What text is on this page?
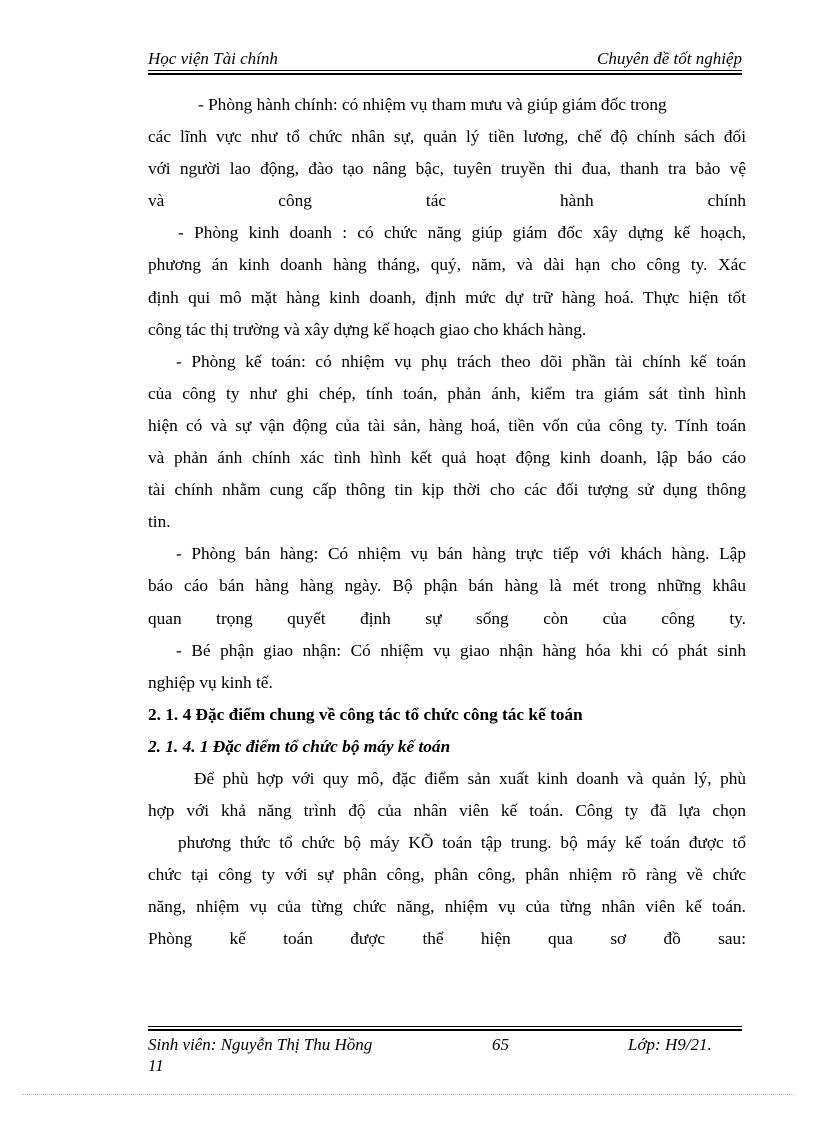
Học viện Tài chính	Chuyên đề tốt nghiệp
- Phòng hành chính: có nhiệm vụ tham mưu và giúp giám đốc trong
các lĩnh vực như tổ chức nhân sự, quản lý tiền lương, chế độ chính sách đối
với người lao động, đào tạo nâng bậc, tuyên truyền thi đua, thanh tra bảo vệ
và công tác hành chính
- Phòng kinh doanh : có chức năng giúp giám đốc xây dựng kế hoạch,
phương án kinh doanh hàng tháng, quý, năm, và dài hạn cho công ty. Xác
định qui mô mặt hàng kinh doanh, định mức dự trữ hàng hoá. Thực hiện tốt
công tác thị trường và xây dựng kế hoạch giao cho khách hàng.
- Phòng kế toán: có nhiệm vụ phụ trách theo dõi phần tài chính kế toán
của công ty như ghi chép, tính toán, phản ánh, kiểm tra giám sát tình hình
hiện có và sự vận động của tài sản, hàng hoá, tiền vốn của công ty. Tính toán
và phản ánh chính xác tình hình kết quả hoạt động kinh doanh, lập báo cáo
tài chính nhằm cung cấp thông tin kịp thời cho các đối tượng sử dụng thông
tin.
- Phòng bán hàng: Có nhiệm vụ bán hàng trực tiếp với khách hàng. Lập
báo cáo bán hàng hàng ngày. Bộ phận bán hàng là mét trong những khâu
quan trọng quyết định sự sống còn của công ty.
- Bé phận giao nhận: Có nhiệm vụ giao nhận hàng hóa khi có phát sinh
nghiệp vụ kinh tế.
2. 1. 4 Đặc điểm chung về công tác tổ chức công tác kế toán
2. 1. 4. 1 Đặc điểm tổ chức bộ máy kế toán
Để phù hợp với quy mô, đặc điểm sản xuất kinh doanh và quản lý, phù
hợp với khả năng trình độ của nhân viên kế toán. Công ty đã lựa chọn
phương thức tổ chức bộ máy KÕ toán tập trung. bộ máy kế toán được tổ
chức tại công ty với sự phân công, phân công, phân nhiệm rõ ràng về chức
năng, nhiệm vụ của từng chức năng, nhiệm vụ của từng nhân viên kế toán.
Phòng kế toán được thể hiện qua sơ đồ sau:
Sinh viên: Nguyễn Thị Thu Hồng	65	Lớp: H9/21.
11
